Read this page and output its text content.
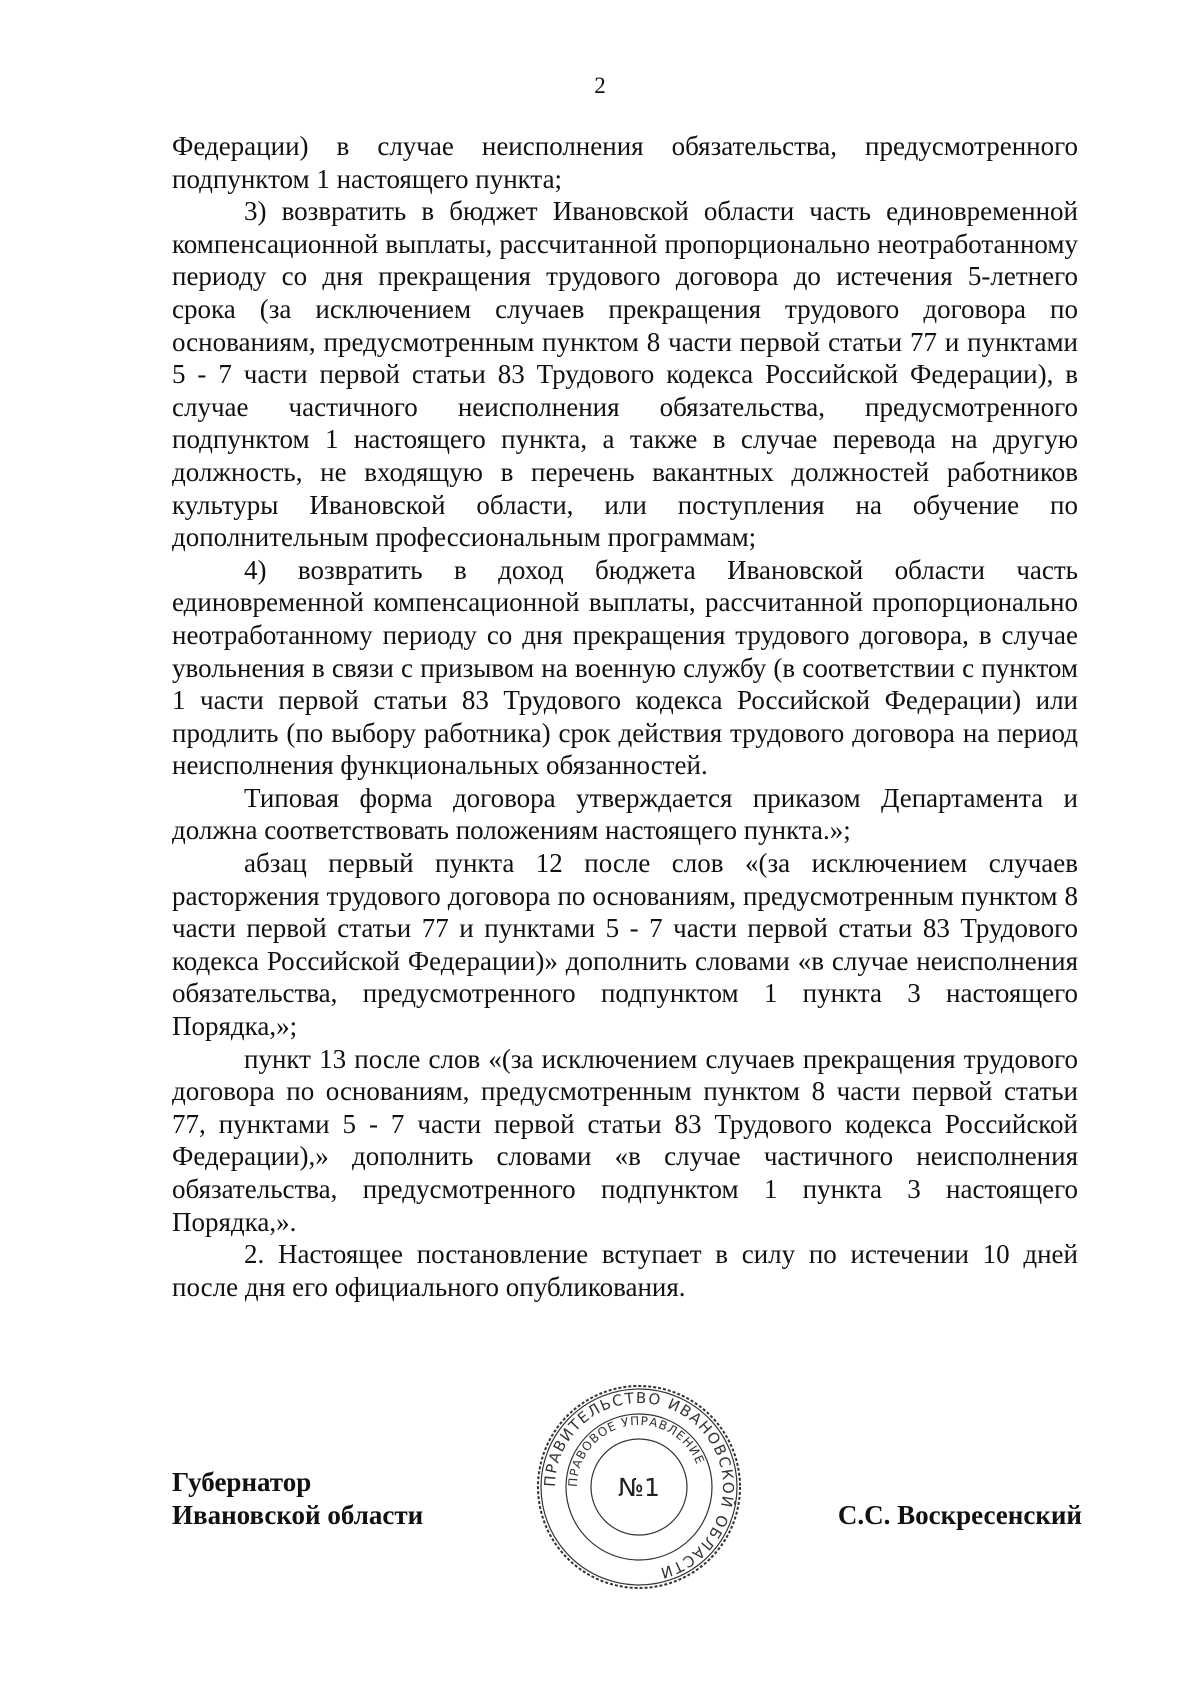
2

Федерации) в случае неисполнения обязательства, предусмотренного подпунктом 1 настоящего пункта;

3) возвратить в бюджет Ивановской области часть единовременной компенсационной выплаты, рассчитанной пропорционально неотработанному периоду со дня прекращения трудового договора до истечения 5-летнего срока (за исключением случаев прекращения трудового договора по основаниям, предусмотренным пунктом 8 части первой статьи 77 и пунктами 5 - 7 части первой статьи 83 Трудового кодекса Российской Федерации), в случае частичного неисполнения обязательства, предусмотренного подпунктом 1 настоящего пункта, а также в случае перевода на другую должность, не входящую в перечень вакантных должностей работников культуры Ивановской области, или поступления на обучение по дополнительным профессиональным программам;

4) возвратить в доход бюджета Ивановской области часть единовременной компенсационной выплаты, рассчитанной пропорционально неотработанному периоду со дня прекращения трудового договора, в случае увольнения в связи с призывом на военную службу (в соответствии с пунктом 1 части первой статьи 83 Трудового кодекса Российской Федерации) или продлить (по выбору работника) срок действия трудового договора на период неисполнения функциональных обязанностей.

Типовая форма договора утверждается приказом Департамента и должна соответствовать положениям настоящего пункта.»;

абзац первый пункта 12 после слов «(за исключением случаев расторжения трудового договора по основаниям, предусмотренным пунктом 8 части первой статьи 77 и пунктами 5 - 7 части первой статьи 83 Трудового кодекса Российской Федерации)» дополнить словами «в случае неисполнения обязательства, предусмотренного подпунктом 1 пункта 3 настоящего Порядка,»;

пункт 13 после слов «(за исключением случаев прекращения трудового договора по основаниям, предусмотренным пунктом 8 части первой статьи 77, пунктами 5 - 7 части первой статьи 83 Трудового кодекса Российской Федерации),» дополнить словами «в случае частичного неисполнения обязательства, предусмотренного подпунктом 1 пункта 3 настоящего Порядка,».

2. Настоящее постановление вступает в силу по истечении 10 дней после дня его официального опубликования.

Губернатор
Ивановской области
ПРАВИТЕЛЬСТВО ИВАНОВСКОЙ ОБЛАСТИ
ПРАВОВОЕ УПРАВЛЕНИЕ
№1
С.С. Воскресенский
